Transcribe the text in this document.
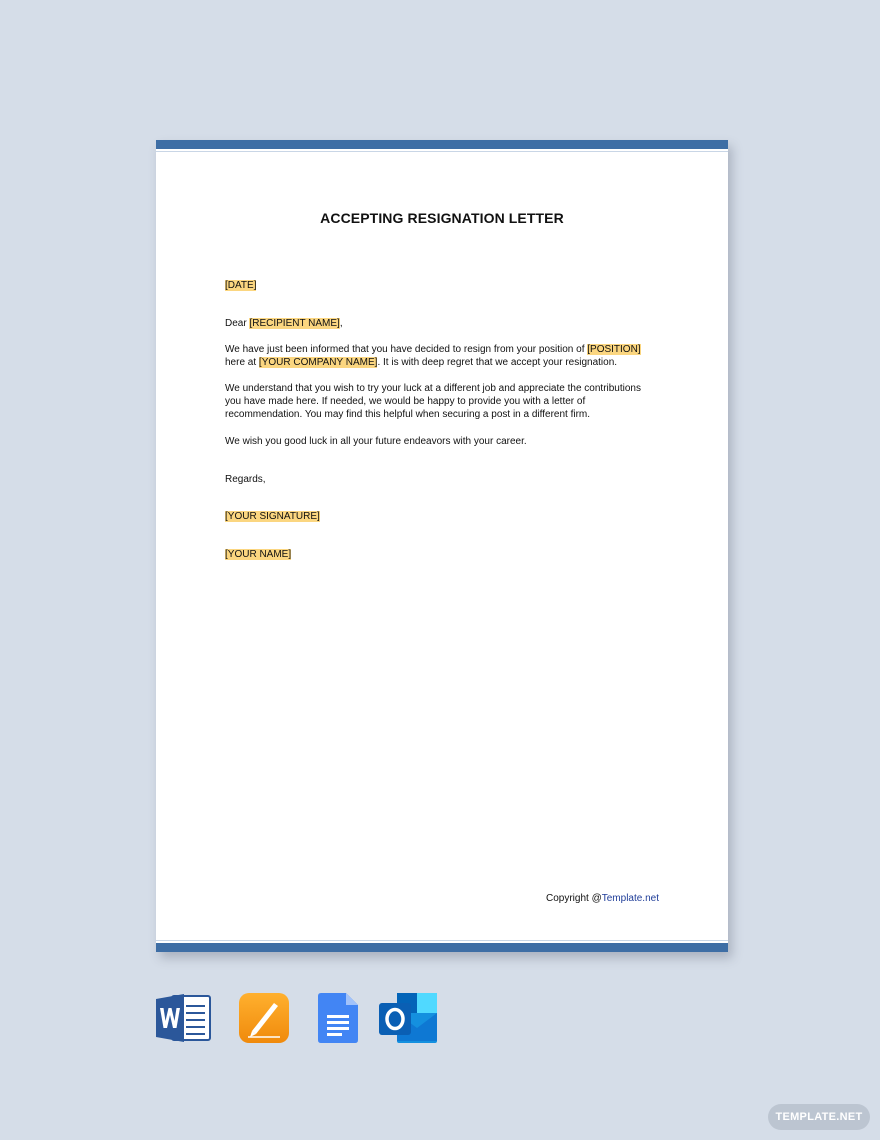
ACCEPTING RESIGNATION LETTER
[DATE]
Dear [RECIPIENT NAME],
We have just been informed that you have decided to resign from your position of [POSITION] here at [YOUR COMPANY NAME]. It is with deep regret that we accept your resignation.
We understand that you wish to try your luck at a different job and appreciate the contributions you have made here. If needed, we would be happy to provide you with a letter of recommendation. You may find this helpful when securing a post in a different firm.
We wish you good luck in all your future endeavors with your career.
Regards,
[YOUR SIGNATURE]
[YOUR NAME]
Copyright @Template.net
TEMPLATE.NET
